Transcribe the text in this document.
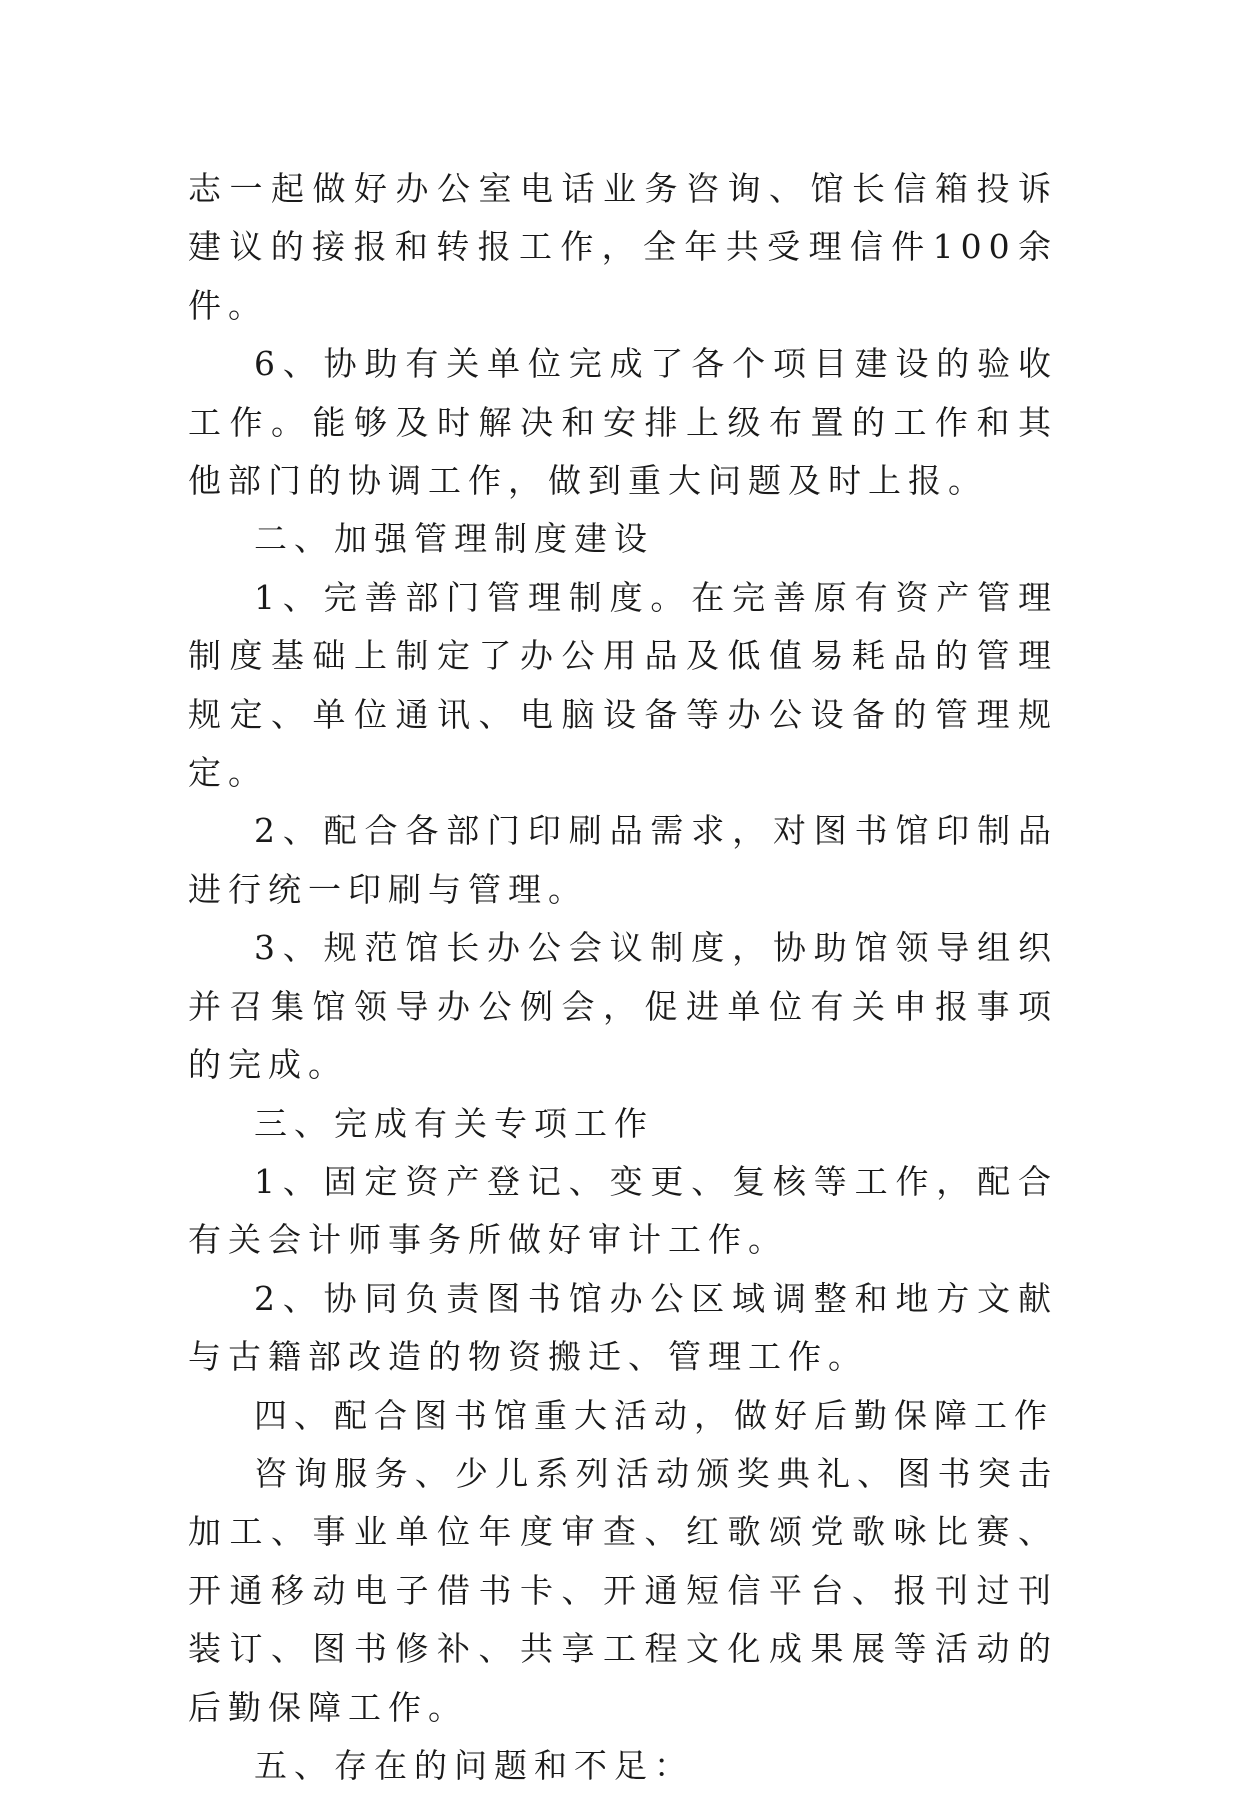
志一起做好办公室电话业务咨询、馆长信箱投诉建议的接报和转报工作，全年共受理信件100余件。

6、协助有关单位完成了各个项目建设的验收工作。能够及时解决和安排上级布置的工作和其他部门的协调工作，做到重大问题及时上报。

二、加强管理制度建设

1、完善部门管理制度。在完善原有资产管理制度基础上制定了办公用品及低值易耗品的管理规定、单位通讯、电脑设备等办公设备的管理规定。

2、配合各部门印刷品需求，对图书馆印制品进行统一印刷与管理。

3、规范馆长办公会议制度，协助馆领导组织并召集馆领导办公例会，促进单位有关申报事项的完成。

三、完成有关专项工作

1、固定资产登记、变更、复核等工作，配合有关会计师事务所做好审计工作。

2、协同负责图书馆办公区域调整和地方文献与古籍部改造的物资搬迁、管理工作。

四、配合图书馆重大活动，做好后勤保障工作

咨询服务、少儿系列活动颁奖典礼、图书突击加工、事业单位年度审查、红歌颂党歌咏比赛、开通移动电子借书卡、开通短信平台、报刊过刊装订、图书修补、共享工程文化成果展等活动的后勤保障工作。

五、存在的问题和不足：
